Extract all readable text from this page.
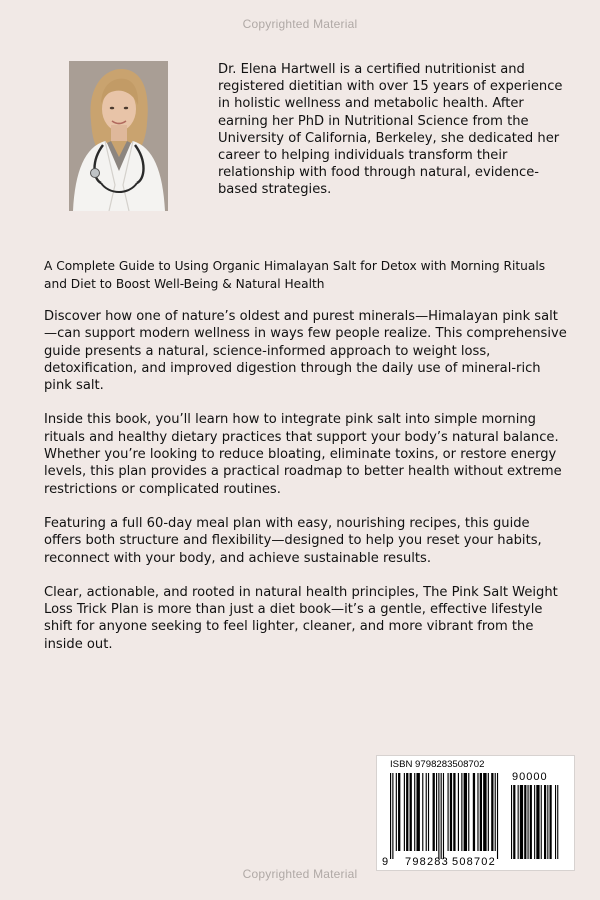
Copyrighted Material
Dr. Elena Hartwell is a certified nutritionist and registered dietitian with over 15 years of experience in holistic wellness and metabolic health. After earning her PhD in Nutritional Science from the University of California, Berkeley, she dedicated her career to helping individuals transform their relationship with food through natural, evidence-based strategies.
A Complete Guide to Using Organic Himalayan Salt for Detox with Morning Rituals and Diet to Boost Well-Being & Natural Health

Discover how one of nature’s oldest and purest minerals—Himalayan pink salt—can support modern wellness in ways few people realize. This comprehensive guide presents a natural, science-informed approach to weight loss, detoxification, and improved digestion through the daily use of mineral-rich pink salt.

Inside this book, you’ll learn how to integrate pink salt into simple morning rituals and healthy dietary practices that support your body’s natural balance. Whether you’re looking to reduce bloating, eliminate toxins, or restore energy levels, this plan provides a practical roadmap to better health without extreme restrictions or complicated routines.

Featuring a full 60-day meal plan with easy, nourishing recipes, this guide offers both structure and flexibility—designed to help you reset your habits, reconnect with your body, and achieve sustainable results.

Clear, actionable, and rooted in natural health principles, The Pink Salt Weight Loss Trick Plan is more than just a diet book—it’s a gentle, effective lifestyle shift for anyone seeking to feel lighter, cleaner, and more vibrant from the inside out.

ISBN 9798283508702
90000
9 798283 508702
Copyrighted Material
